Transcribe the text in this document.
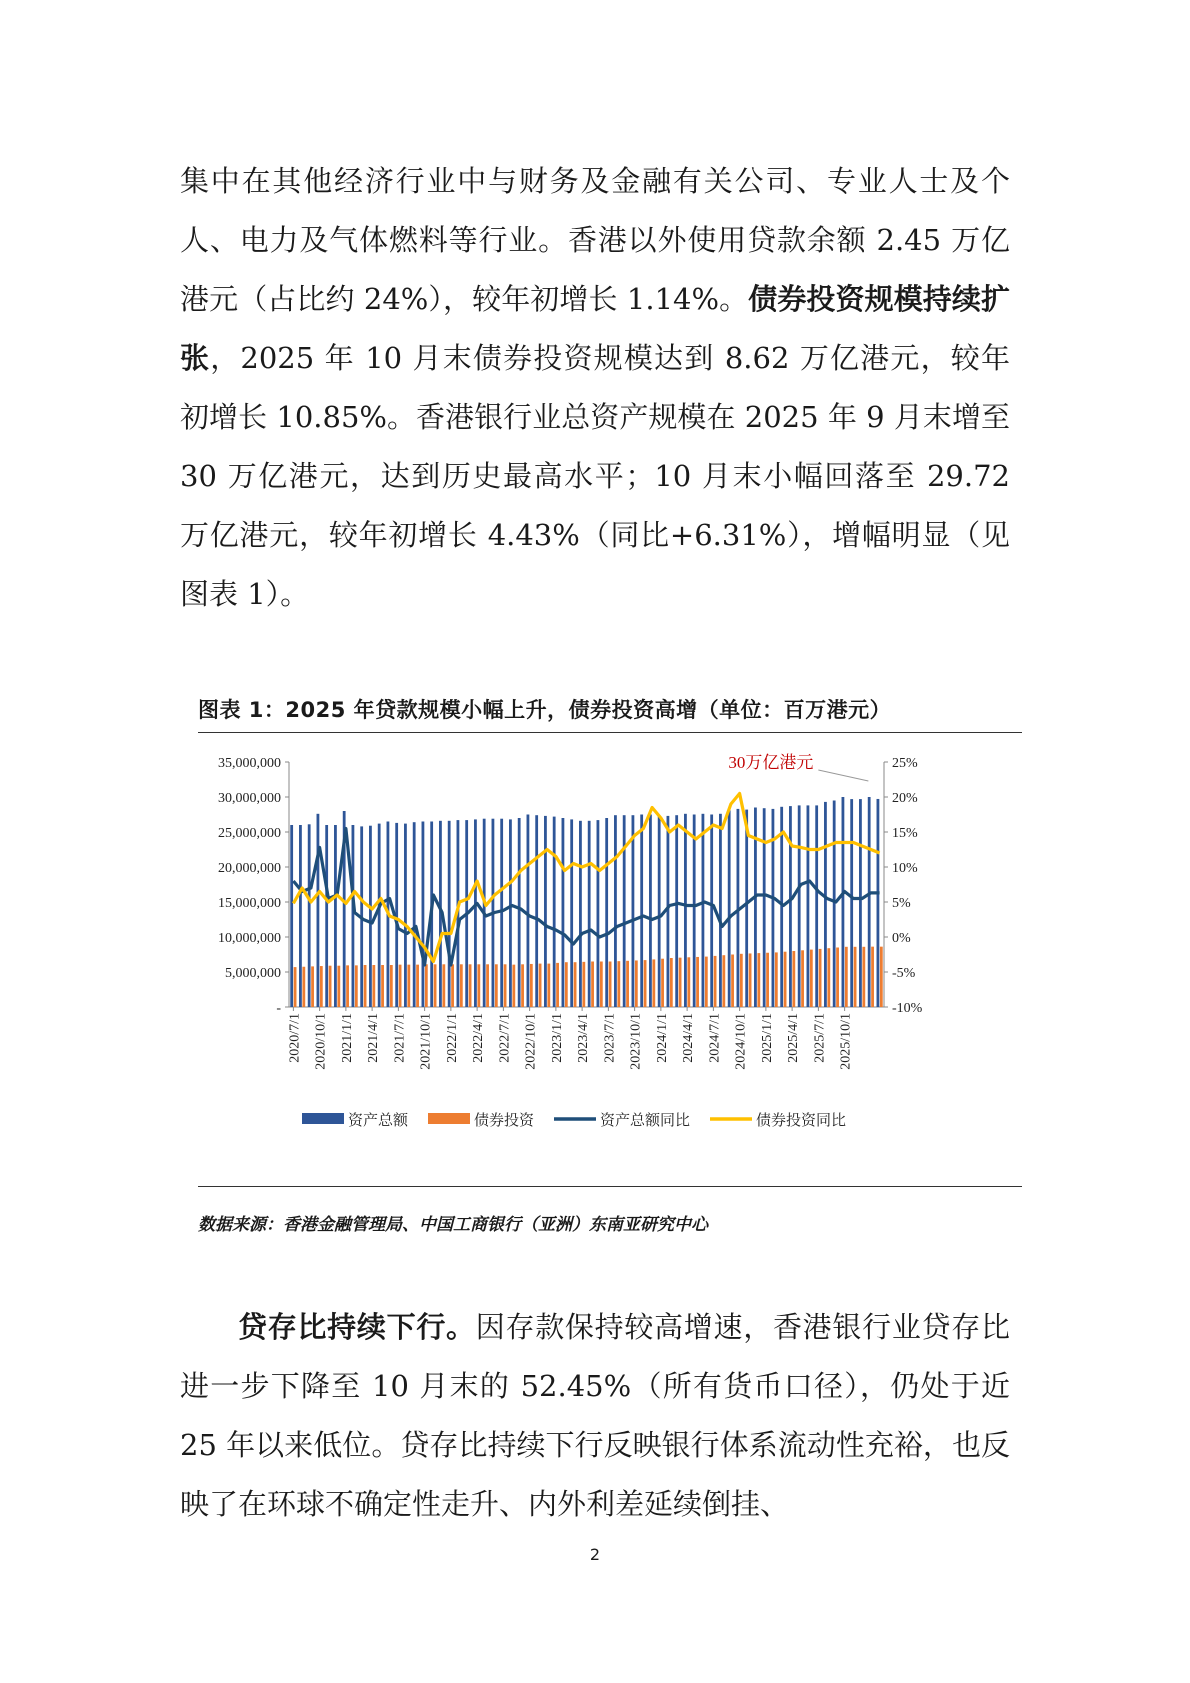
集中在其他经济行业中与财务及金融有关公司、专业人士及个人、电力及气体燃料等行业。香港以外使用贷款余额 2.45 万亿港元（占比约 24%），较年初增长 1.14%。债券投资规模持续扩张，2025 年 10 月末债券投资规模达到 8.62 万亿港元，较年初增长 10.85%。香港银行业总资产规模在 2025 年 9 月末增至 30 万亿港元，达到历史最高水平；10 月末小幅回落至 29.72 万亿港元，较年初增长 4.43%（同比+6.31%），增幅明显（见图表 1）。
图表 1：2025 年贷款规模小幅上升，债券投资高增（单位：百万港元）
-
5,000,000
10,000,000
15,000,000
20,000,000
25,000,000
30,000,000
35,000,000
-10%
-5%
0%
5%
10%
15%
20%
25%
2020/7/1 2020/10/1 2021/1/1 2021/4/1 2021/7/1 2021/10/1 2022/1/1 2022/4/1 2022/7/1 2022/10/1 2023/1/1 2023/4/1 2023/7/1 2023/10/1 2024/1/1 2024/4/1 2024/7/1 2024/10/1 2025/1/1 2025/4/1 2025/7/1 2025/10/1
30万亿港元
资产总额	债券投资	资产总额同比	债券投资同比
数据来源：香港金融管理局、中国工商银行（亚洲）东南亚研究中心
贷存比持续下行。因存款保持较高增速，香港银行业贷存比进一步下降至 10 月末的 52.45%（所有货币口径），仍处于近 25 年以来低位。贷存比持续下行反映银行体系流动性充裕，也反映了在环球不确定性走升、内外利差延续倒挂、
2
